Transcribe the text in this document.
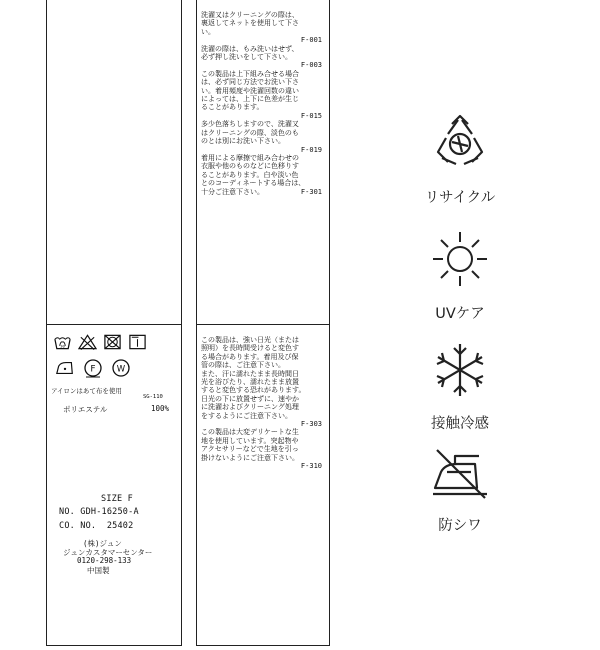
30
F W
アイロンはあて布を使用
SG-110
ポリエステル	100%
SIZE F
NO. GDH-16250-A
CO. NO.  25402
(株)ジュン
ジュンカスタマーセンター
0120-298-133
中国製
洗濯又はクリーニングの際は、
裏返してネットを使用して下さ
い。
F-001
洗濯の際は、もみ洗いはせず、
必ず押し洗いをして下さい。
F-003
この製品は上下組み合せる場合
は、必ず同じ方法でお洗い下さ
い。着用頻度や洗濯回数の違い
によっては、上下に色差が生じ
ることがあります。
F-015
多少色落ちしますので、洗濯又
はクリーニングの際、淡色のも
のとは別にお洗い下さい。
F-019
着用による摩擦で組み合わせの
衣服や他のものなどに色移りす
ることがあります。白や淡い色
とのコーディネートする場合は、
十分ご注意下さい。	F-301
この製品は、強い日光（または
照明）を長時間受けると変色す
る場合があります。着用及び保
管の際は、ご注意下さい。
また、汗に濡れたまま長時間日
光を浴びたり、濡れたまま放置
すると変色する恐れがあります。
日光の下に放置せずに、速やか
に洗濯およびクリーニング処理
をするようにご注意下さい。
F-303
この製品は大変デリケートな生
地を使用しています。突起物や
アクセサリーなどで生地を引っ
掛けないようにご注意下さい。
F-310
リサイクル
UVケア
接触冷感
防シワ
